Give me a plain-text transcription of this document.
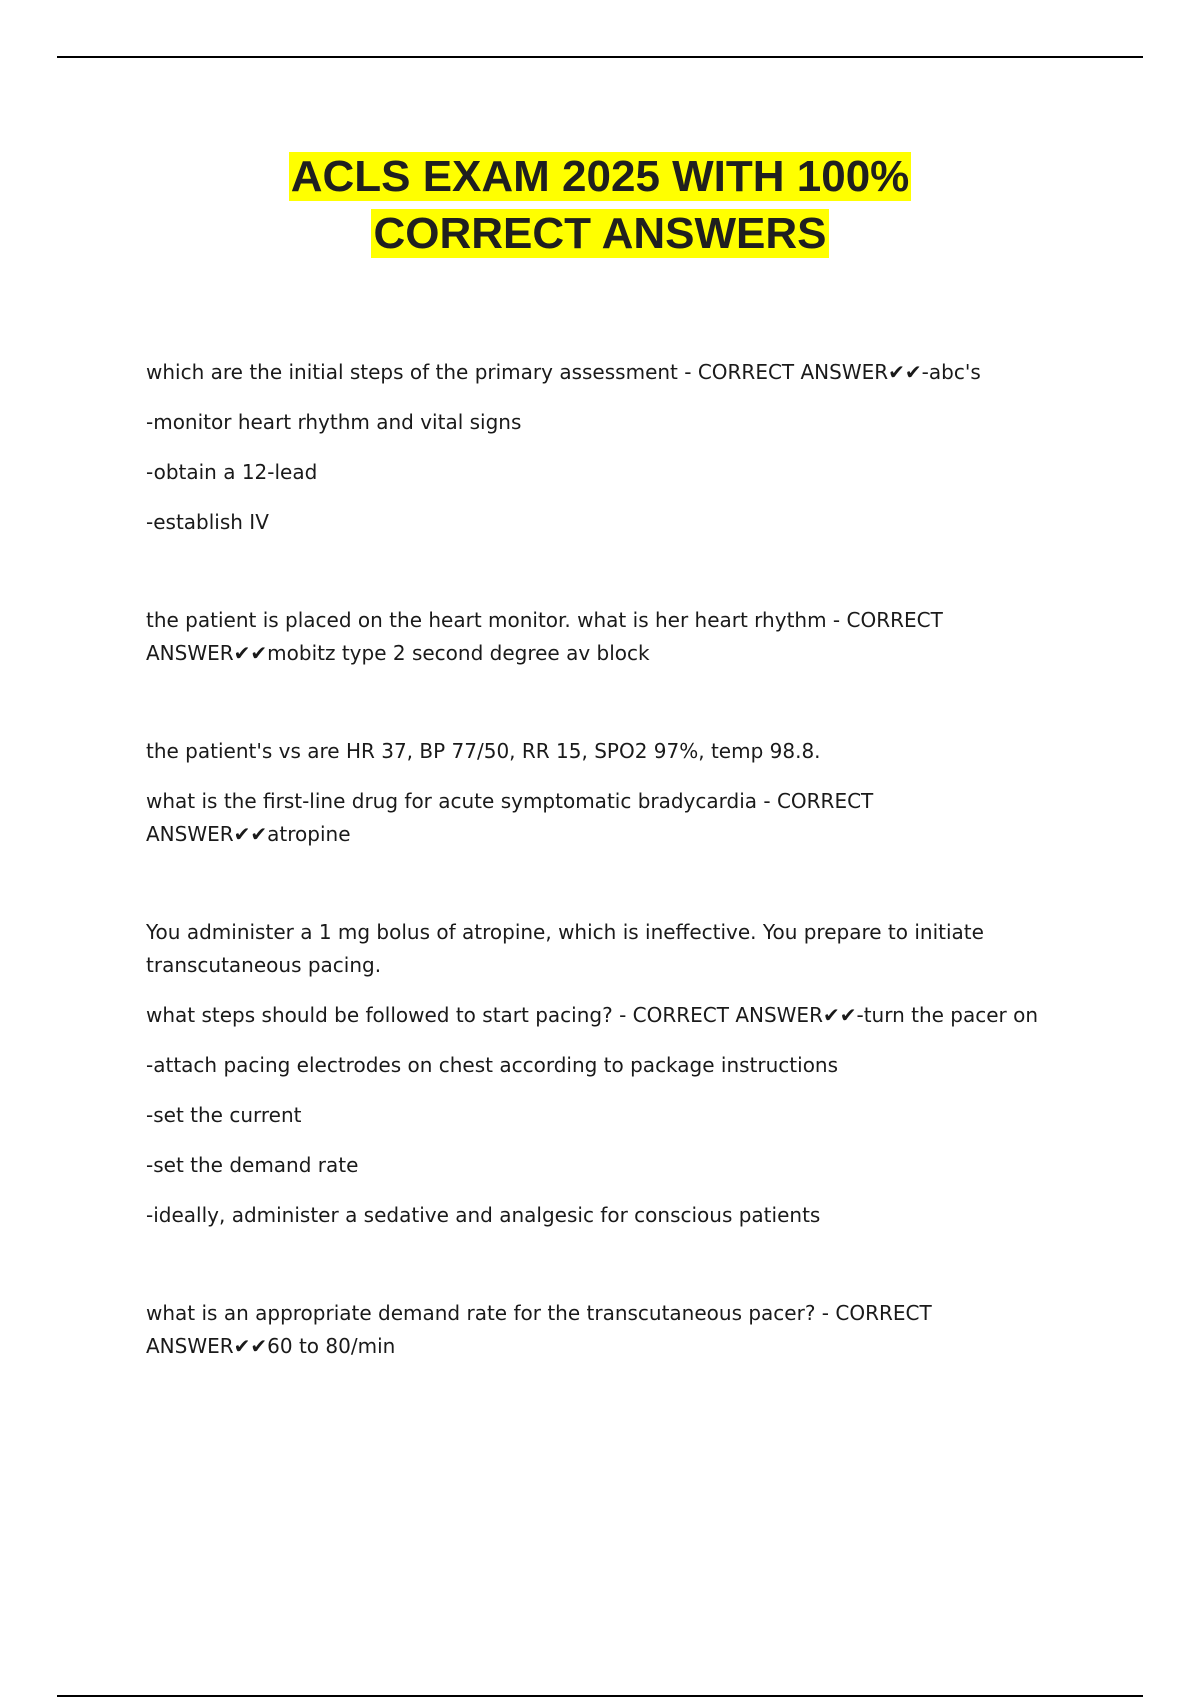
ACLS EXAM 2025 WITH 100%
CORRECT ANSWERS

which are the initial steps of the primary assessment - CORRECT ANSWER✔✔-abc's

-monitor heart rhythm and vital signs

-obtain a 12-lead

-establish IV

the patient is placed on the heart monitor. what is her heart rhythm - CORRECT ANSWER✔✔mobitz type 2 second degree av block

the patient's vs are HR 37, BP 77/50, RR 15, SPO2 97%, temp 98.8.

what is the first-line drug for acute symptomatic bradycardia - CORRECT ANSWER✔✔atropine

You administer a 1 mg bolus of atropine, which is ineffective. You prepare to initiate transcutaneous pacing.

what steps should be followed to start pacing? - CORRECT ANSWER✔✔-turn the pacer on

-attach pacing electrodes on chest according to package instructions

-set the current

-set the demand rate

-ideally, administer a sedative and analgesic for conscious patients

what is an appropriate demand rate for the transcutaneous pacer? - CORRECT ANSWER✔✔60 to 80/min
